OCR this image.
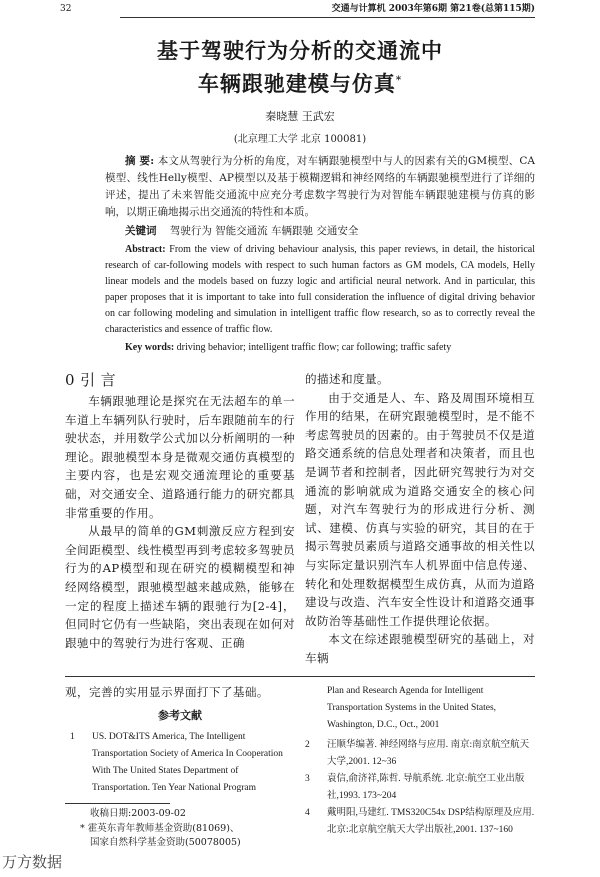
32	交通与计算机 2003年第6期 第21卷(总第115期)
基于驾驶行为分析的交通流中
车辆跟驰建模与仿真*
秦晓慧 王武宏
(北京理工大学 北京 100081)
摘 要: 本文从驾驶行为分析的角度，对车辆跟驰模型中与人的因素有关的GM模型、CA模型、线性Helly模型、AP模型以及基于模糊逻辑和神经网络的车辆跟驰模型进行了详细的评述，提出了未来智能交通流中应充分考虑数字驾驶行为对智能车辆跟驰建模与仿真的影响，以期正确地揭示出交通流的特性和本质。
关键词 驾驶行为 智能交通流 车辆跟驰 交通安全
Abstract: From the view of driving behaviour analysis, this paper reviews, in detail, the historical research of car-following models with respect to such human factors as GM models, CA models, Helly linear models and the models based on fuzzy logic and artificial neural network. And in particular, this paper proposes that it is important to take into full consideration the influence of digital driving behavior on car following modeling and simulation in intelligent traffic flow research, so as to correctly reveal the characteristics and essence of traffic flow.
Key words: driving behavior; intelligent traffic flow; car following; traffic safety
0 引 言
车辆跟驰理论是探究在无法超车的单一车道上车辆列队行驶时，后车跟随前车的行驶状态，并用数学公式加以分析阐明的一种理论。跟驰模型本身是微观交通仿真模型的主要内容，也是宏观交通流理论的重要基础，对交通安全、道路通行能力的研究都具非常重要的作用。
从最早的简单的GM刺激反应方程到安全间距模型、线性模型再到考虑较多驾驶员行为的AP模型和现在研究的模糊模型和神经网络模型，跟驰模型越来越成熟，能够在一定的程度上描述车辆的跟驰行为[2-4]，但同时它仍有一些缺陷，突出表现在如何对跟驰中的驾驶行为进行客观、正确
的描述和度量。
由于交通是人、车、路及周围环境相互作用的结果，在研究跟驰模型时，是不能不考虑驾驶员的因素的。由于驾驶员不仅是道路交通系统的信息处理者和决策者，而且也是调节者和控制者，因此研究驾驶行为对交通流的影响就成为道路交通安全的核心问题，对汽车驾驶行为的形成进行分析、测试、建模、仿真与实验的研究，其目的在于揭示驾驶员素质与道路交通事故的相关性以与实际定量识别汽车人机界面中信息传递、转化和处理数据模型生成仿真，从而为道路建设与改造、汽车安全性设计和道路交通事故防治等基础性工作提供理论依据。
本文在综述跟驰模型研究的基础上，对车辆
观，完善的实用显示界面打下了基础。
参考文献
1 US. DOT&ITS America, The Intelligent Transportation Society of America In Cooperation With The United States Department of Transportation. Ten Year National Program
收稿日期:2003-09-02
* 霍英东青年教师基金资助(81069)、
国家自然科学基金资助(50078005)
万方数据
Plan and Research Agenda for Intelligent Transportation Systems in the United States, Washington, D.C., Oct., 2001
2 汪顺华编著. 神经网络与应用. 南京:南京航空航天大学,2001. 12~36
3 袁信,俞济祥,陈哲. 导航系统. 北京:航空工业出版社,1993. 173~204
4 戴明阳,马建红. TMS320C54x DSP结构原理及应用. 北京:北京航空航天大学出版社,2001. 137~160
